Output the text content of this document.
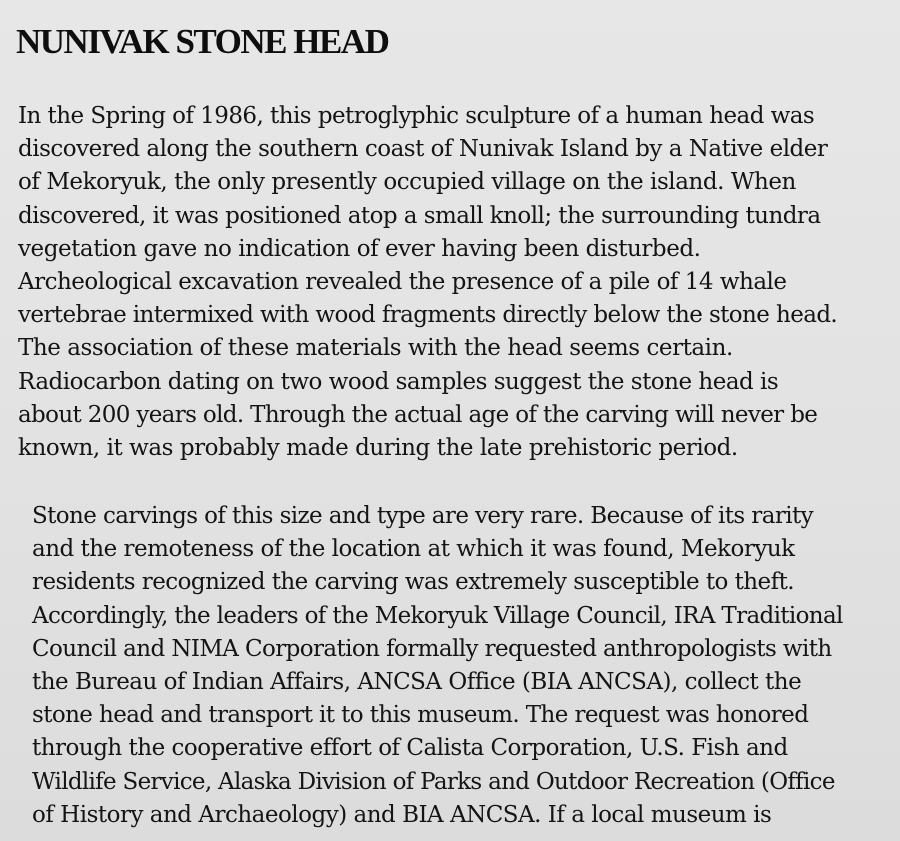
NUNIVAK STONE HEAD
In the Spring of 1986, this petroglyphic sculpture of a human head was
discovered along the southern coast of Nunivak Island by a Native elder
of Mekoryuk, the only presently occupied village on the island. When
discovered, it was positioned atop a small knoll; the surrounding tundra
vegetation gave no indication of ever having been disturbed.
Archeological excavation revealed the presence of a pile of 14 whale
vertebrae intermixed with wood fragments directly below the stone head.
The association of these materials with the head seems certain.
Radiocarbon dating on two wood samples suggest the stone head is
about 200 years old. Through the actual age of the carving will never be
known, it was probably made during the late prehistoric period.
Stone carvings of this size and type are very rare. Because of its rarity
and the remoteness of the location at which it was found, Mekoryuk
residents recognized the carving was extremely susceptible to theft.
Accordingly, the leaders of the Mekoryuk Village Council, IRA Traditional
Council and NIMA Corporation formally requested anthropologists with
the Bureau of Indian Affairs, ANCSA Office (BIA ANCSA), collect the
stone head and transport it to this museum. The request was honored
through the cooperative effort of Calista Corporation, U.S. Fish and
Wildlife Service, Alaska Division of Parks and Outdoor Recreation (Office
of History and Archaeology) and BIA ANCSA. If a local museum is
